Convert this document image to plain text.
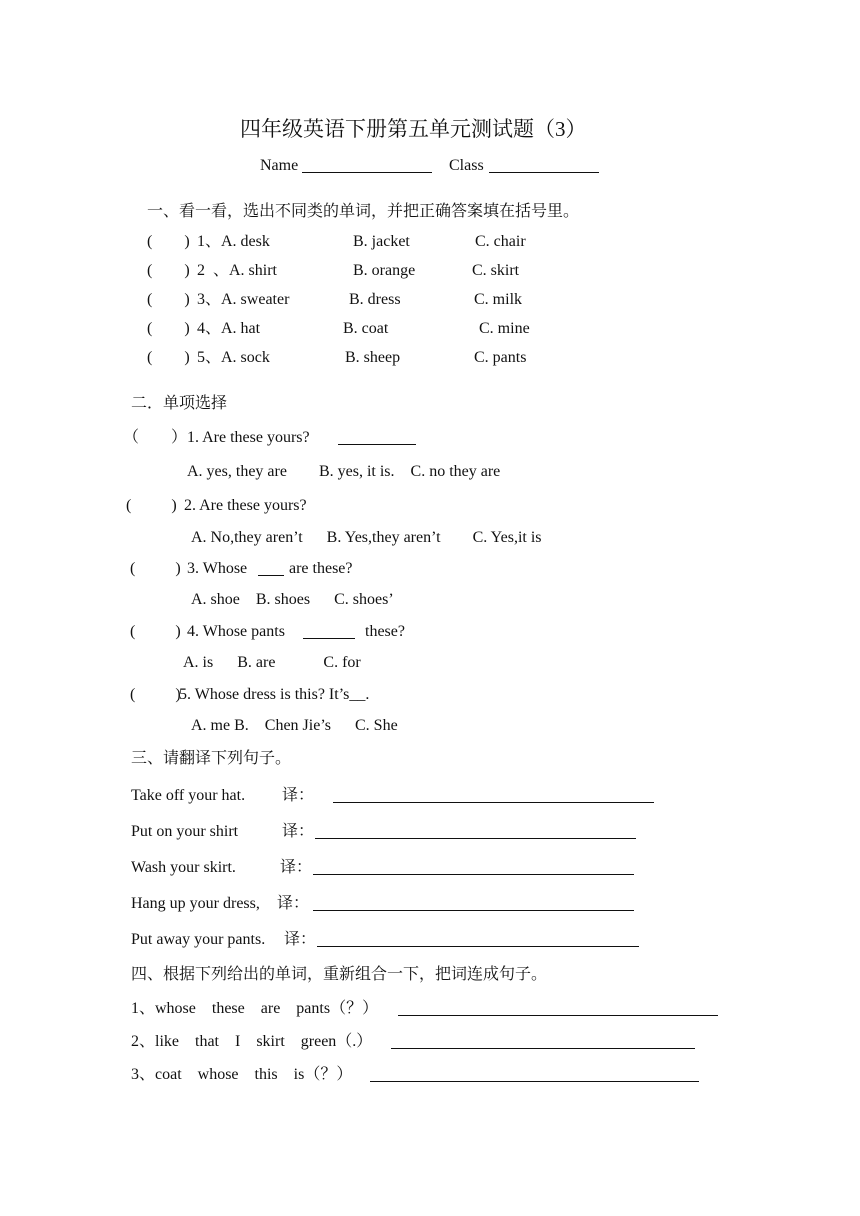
四年级英语下册第五单元测试题（3）
Name	Class
一、看一看，选出不同类的单词，并把正确答案填在括号里。
(        ) 1、A. desk	B. jacket	C. chair
(        ) 2  、A. shirt	B. orange	C. skirt
(        ) 3、A. sweater	B. dress	C. milk
(        ) 4、A. hat	B. coat	C. mine
(        ) 5、A. sock	B. sheep	C. pants
二．单项选择
（        ） 1. Are these yours?
A. yes, they are        B. yes, it is.    C. no they are
(          ) 2. Are these yours?
A. No,they aren’t      B. Yes,they aren’t        C. Yes,it is
(          ) 3. Whose	are these?
A. shoe    B. shoes      C. shoes’
(          ) 4. Whose pants	these?
A. is      B. are            C. for
(          )
5. Whose dress is this? It’s__.
A. me B.    Chen Jie’s      C. She
三、请翻译下列句子。
Take off your hat. 译：
Put on your shirt	译：
Wash your skirt.	译：
Hang up your dress, 译：
Put away your pants. 译：
四、根据下列给出的单词，重新组合一下，把词连成句子。
1、whose    these    are    pants（？）
2、like    that    I    skirt    green（.）
3、coat    whose    this    is（？）
